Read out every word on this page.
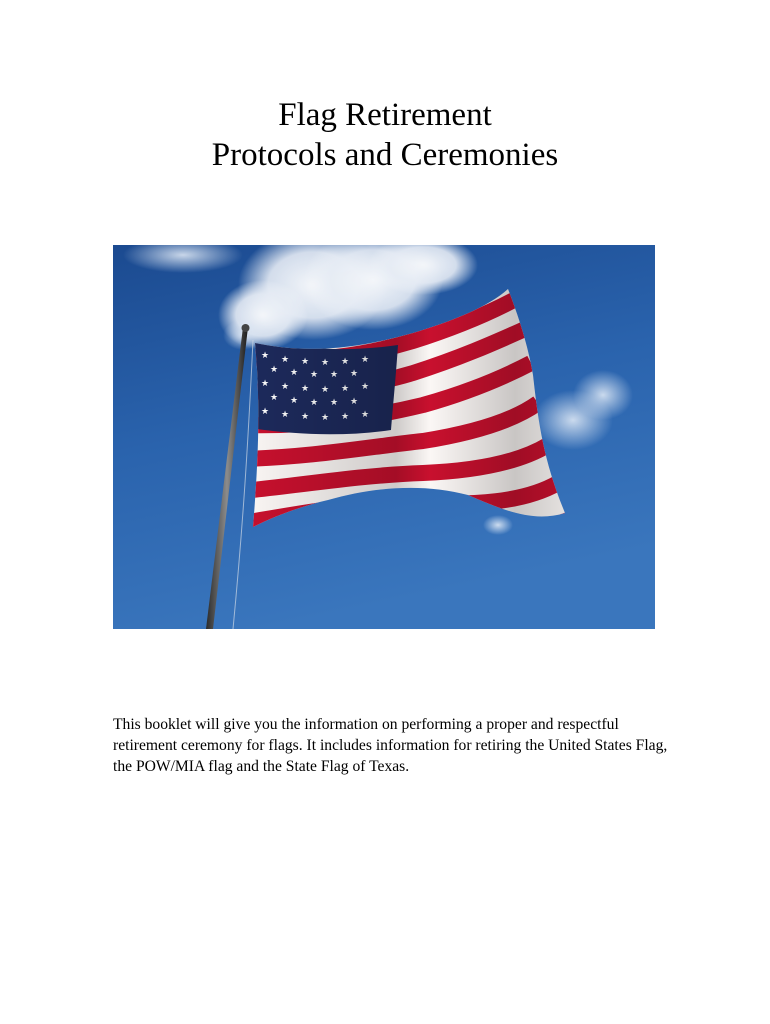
Flag Retirement
Protocols and Ceremonies

This booklet will give you the information on performing a proper and respectful retirement ceremony for flags. It includes information for retiring the United States Flag, the POW/MIA flag and the State Flag of Texas.
